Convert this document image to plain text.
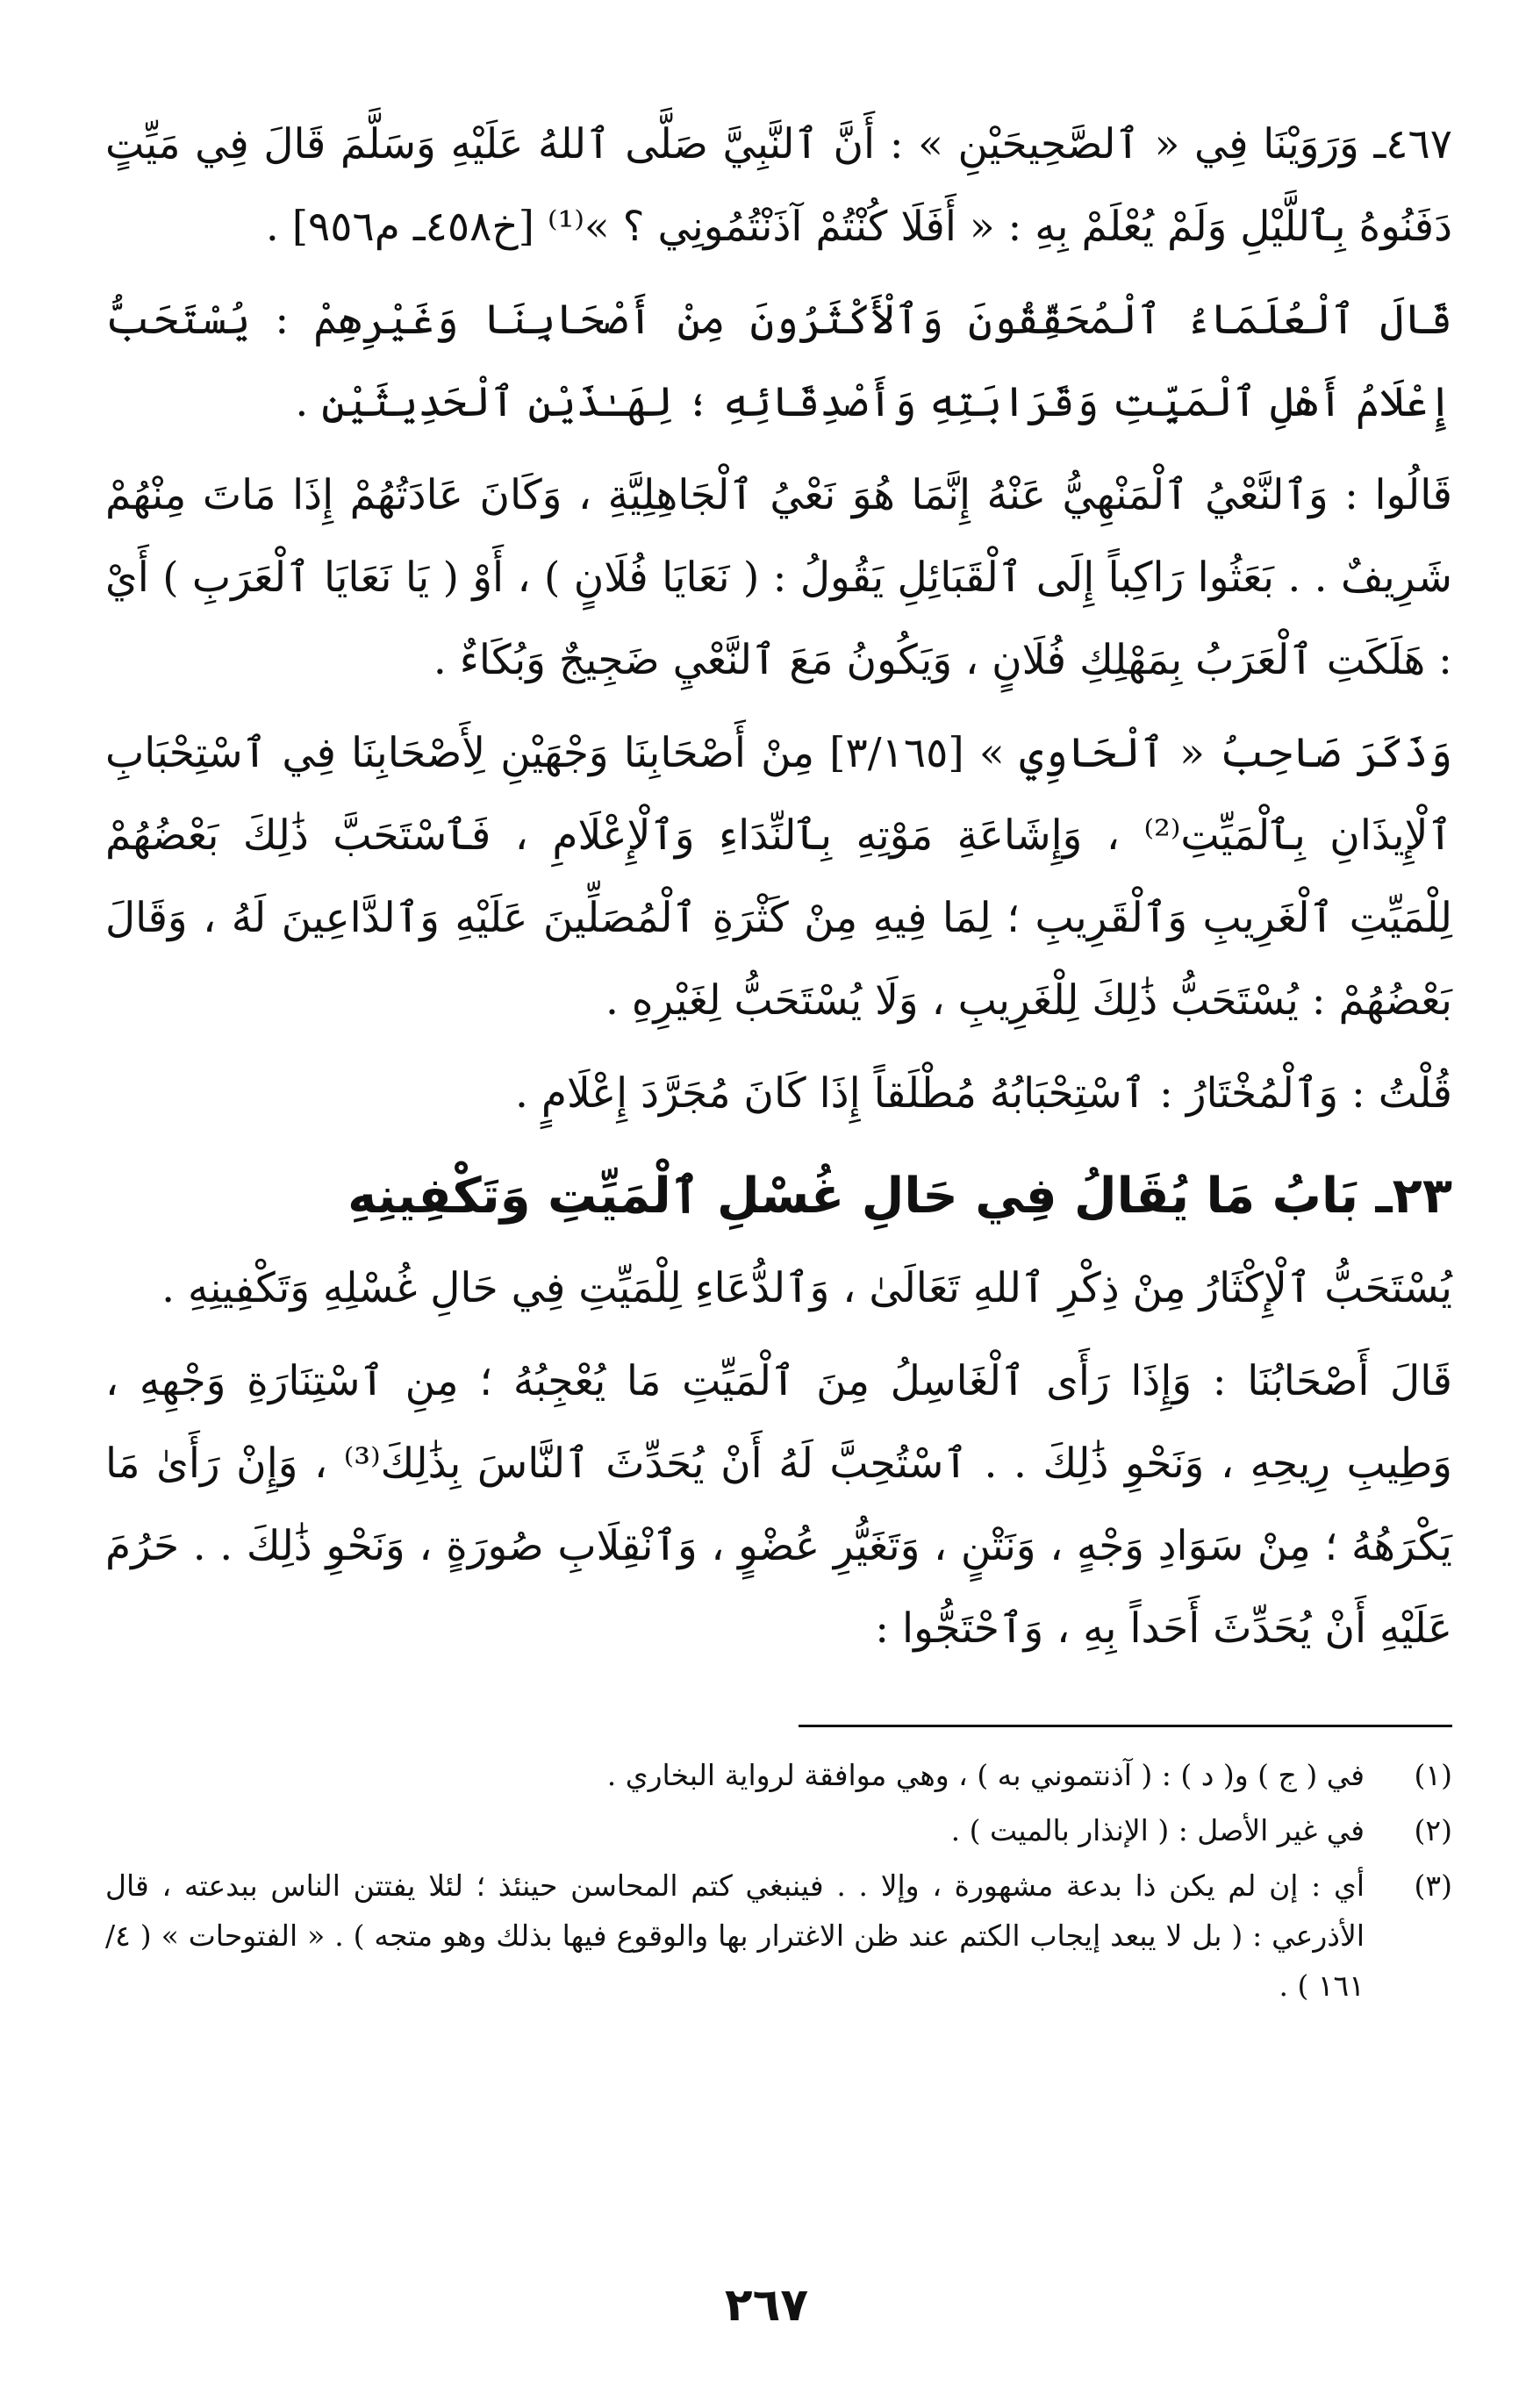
٤٦٧ـ وَرَوَيْنَا فِي « ٱلصَّحِيحَيْنِ » : أَنَّ ٱلنَّبِيَّ صَلَّى ٱللهُ عَلَيْهِ وَسَلَّمَ قَالَ فِي مَيِّتٍ دَفَنُوهُ بِٱللَّيْلِ وَلَمْ يُعْلَمْ بِهِ : « أَفَلَا كُنْتُمْ آذَنْتُمُونِي ؟ »⁽¹⁾ [خ٤٥٨ـ م٩٥٦] .

قَالَ ٱلْعُلَمَاءُ ٱلْمُحَقِّقُونَ وَٱلْأَكْثَرُونَ مِنْ أَصْحَابِنَا وَغَيْرِهِمْ : يُسْتَحَبُّ إِعْلَامُ أَهْلِ ٱلْمَيِّتِ وَقَرَابَتِهِ وَأَصْدِقَائِهِ ؛ لِهَـٰذَيْنِ ٱلْحَدِيثَيْنِ .

قَالُوا : وَٱلنَّعْيُ ٱلْمَنْهِيُّ عَنْهُ إِنَّمَا هُوَ نَعْيُ ٱلْجَاهِلِيَّةِ ، وَكَانَ عَادَتُهُمْ إِذَا مَاتَ مِنْهُمْ شَرِيفٌ . . بَعَثُوا رَاكِباً إِلَى ٱلْقَبَائِلِ يَقُولُ : ( نَعَايَا فُلَانٍ ) ، أَوْ ( يَا نَعَايَا ٱلْعَرَبِ ) أَيْ : هَلَكَتِ ٱلْعَرَبُ بِمَهْلِكِ فُلَانٍ ، وَيَكُونُ مَعَ ٱلنَّعْيِ ضَجِيجٌ وَبُكَاءٌ .

وَذَكَرَ صَاحِبُ « ٱلْحَاوِي » [٣/١٦٥] مِنْ أَصْحَابِنَا وَجْهَيْنِ لِأَصْحَابِنَا فِي ٱسْتِحْبَابِ ٱلْإِيذَانِ بِٱلْمَيِّتِ⁽²⁾ ، وَإِشَاعَةِ مَوْتِهِ بِٱلنِّدَاءِ وَٱلْإِعْلَامِ ، فَٱسْتَحَبَّ ذَٰلِكَ بَعْضُهُمْ لِلْمَيِّتِ ٱلْغَرِيبِ وَٱلْقَرِيبِ ؛ لِمَا فِيهِ مِنْ كَثْرَةِ ٱلْمُصَلِّينَ عَلَيْهِ وَٱلدَّاعِينَ لَهُ ، وَقَالَ بَعْضُهُمْ : يُسْتَحَبُّ ذَٰلِكَ لِلْغَرِيبِ ، وَلَا يُسْتَحَبُّ لِغَيْرِهِ .

قُلْتُ : وَٱلْمُخْتَارُ : ٱسْتِحْبَابُهُ مُطْلَقاً إِذَا كَانَ مُجَرَّدَ إِعْلَامٍ .

٢٣ـ بَابُ مَا يُقَالُ فِي حَالِ غُسْلِ ٱلْمَيِّتِ وَتَكْفِينِهِ

يُسْتَحَبُّ ٱلْإِكْثَارُ مِنْ ذِكْرِ ٱللهِ تَعَالَىٰ ، وَٱلدُّعَاءِ لِلْمَيِّتِ فِي حَالِ غُسْلِهِ وَتَكْفِينِهِ .

قَالَ أَصْحَابُنَا : وَإِذَا رَأَى ٱلْغَاسِلُ مِنَ ٱلْمَيِّتِ مَا يُعْجِبُهُ ؛ مِنِ ٱسْتِنَارَةِ وَجْهِهِ ، وَطِيبِ رِيحِهِ ، وَنَحْوِ ذَٰلِكَ . . ٱسْتُحِبَّ لَهُ أَنْ يُحَدِّثَ ٱلنَّاسَ بِذَٰلِكَ⁽³⁾ ، وَإِنْ رَأَىٰ مَا يَكْرَهُهُ ؛ مِنْ سَوَادِ وَجْهٍ ، وَنَتْنٍ ، وَتَغَيُّرِ عُضْوٍ ، وَٱنْقِلَابِ صُورَةٍ ، وَنَحْوِ ذَٰلِكَ . . حَرُمَ عَلَيْهِ أَنْ يُحَدِّثَ أَحَداً بِهِ ، وَٱحْتَجُّوا :

(١)
في ( ج ) و( د ) : ( آذنتموني به ) ، وهي موافقة لرواية البخاري .
(٢)
في غير الأصل : ( الإنذار بالميت ) .
(٣)
أي : إن لم يكن ذا بدعة مشهورة ، وإلا . . فينبغي كتم المحاسن حينئذ ؛ لئلا يفتتن الناس ببدعته ، قال الأذرعي : ( بل لا يبعد إيجاب الكتم عند ظن الاغترار بها والوقوع فيها بذلك وهو متجه ) . « الفتوحات » ( ٤/ ١٦١ ) .
٢٦٧
